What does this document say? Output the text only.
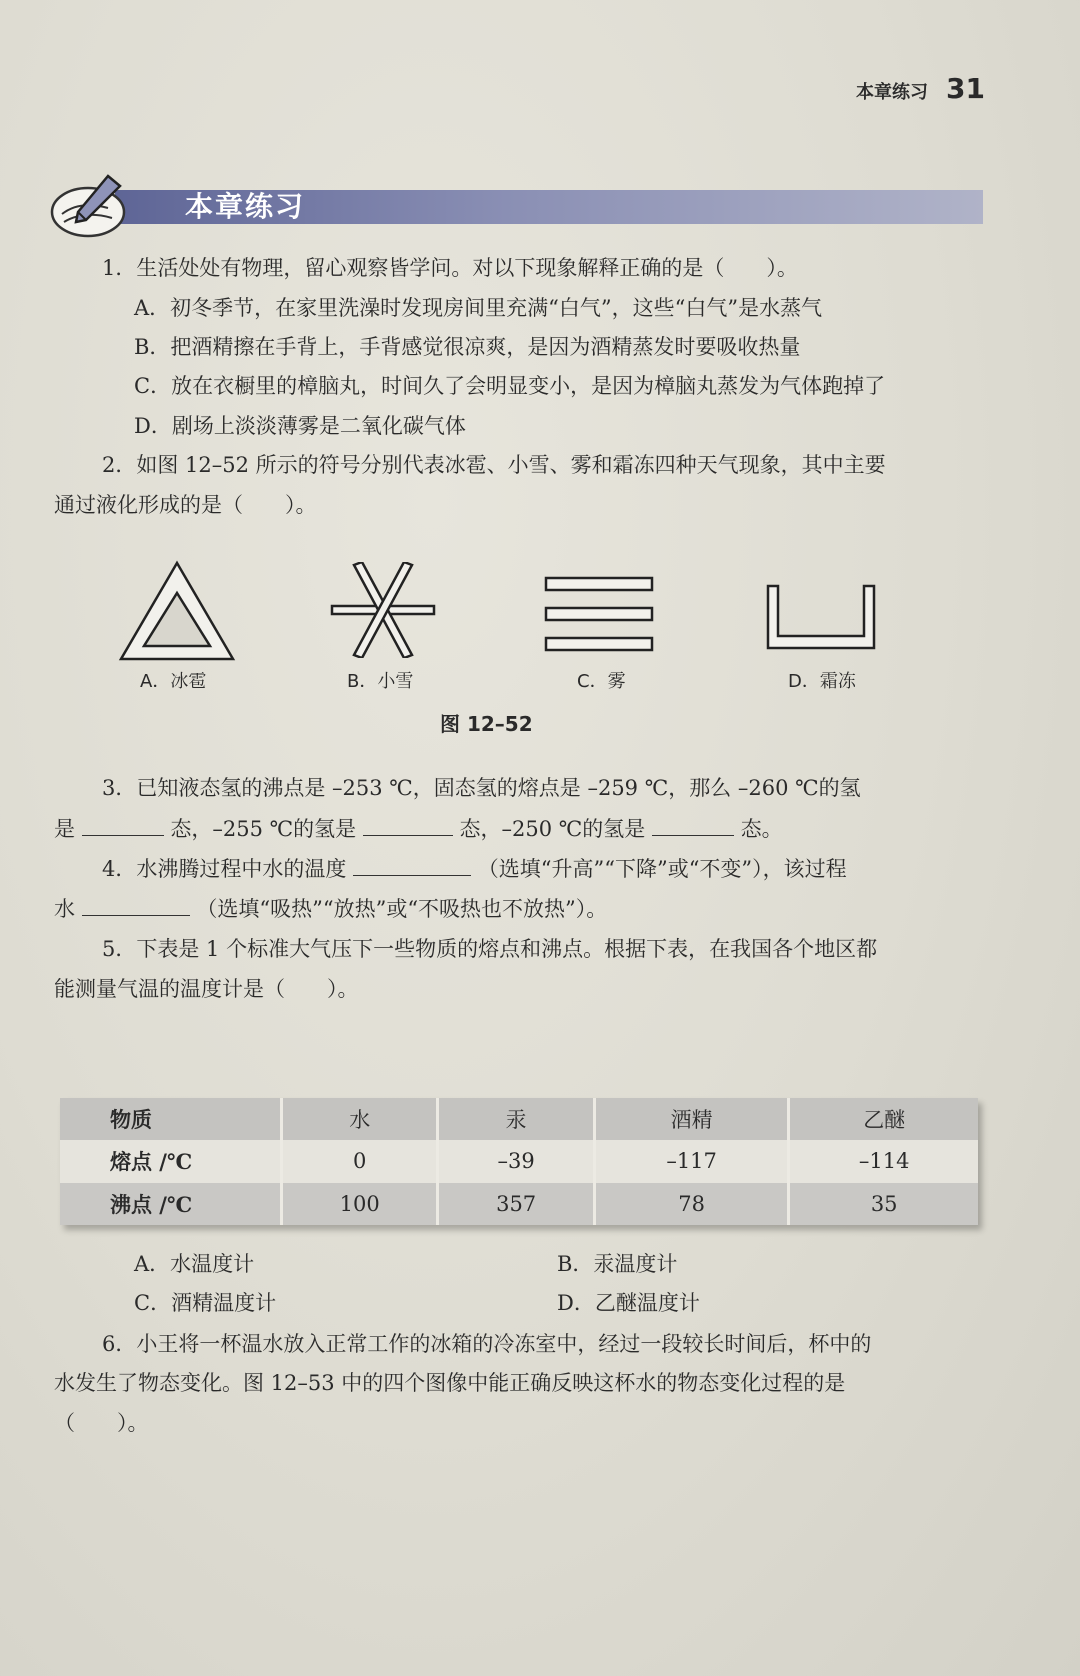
本章练习 31
本章练习
1．生活处处有物理，留心观察皆学问。对以下现象解释正确的是（　　）。
A．初冬季节，在家里洗澡时发现房间里充满“白气”，这些“白气”是水蒸气
B．把酒精擦在手背上，手背感觉很凉爽，是因为酒精蒸发时要吸收热量
C．放在衣橱里的樟脑丸，时间久了会明显变小，是因为樟脑丸蒸发为气体跑掉了
D．剧场上淡淡薄雾是二氧化碳气体
2．如图 12–52 所示的符号分别代表冰雹、小雪、雾和霜冻四种天气现象，其中主要
通过液化形成的是（　　）。
A．冰雹	B．小雪	C．雾	D．霜冻
图 12–52
3．已知液态氢的沸点是 –253 ℃，固态氢的熔点是 –259 ℃，那么 –260 ℃的氢
是	态，–255 ℃的氢是	态，–250 ℃的氢是	态。
4．水沸腾过程中水的温度	（选填“升高”“下降”或“不变”），该过程
水	（选填“吸热”“放热”或“不吸热也不放热”）。
5．下表是 1 个标准大气压下一些物质的熔点和沸点。根据下表，在我国各个地区都
能测量气温的温度计是（　　）。
物质	水	汞	酒精	乙醚
熔点 /℃	0	–39	–117	–114
沸点 /℃	100	357	78	35
A．水温度计	B．汞温度计
C．酒精温度计	D．乙醚温度计
6．小王将一杯温水放入正常工作的冰箱的冷冻室中，经过一段较长时间后，杯中的
水发生了物态变化。图 12–53 中的四个图像中能正确反映这杯水的物态变化过程的是
（　　）。
